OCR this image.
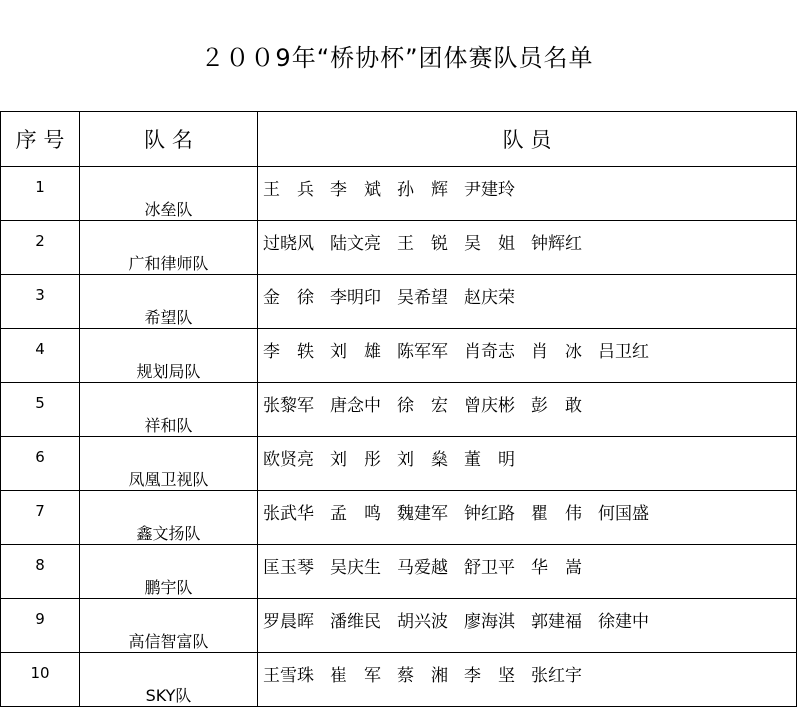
２００9年“桥协杯”团体赛队员名单
序 号	队 名	队 员
1	冰垒队	王　兵 李　斌 孙　辉 尹建玲
2	广和律师队	过晓风 陆文亮 王　锐 吴　姐 钟辉红
3	希望队	金　徐 李明印 吴希望 赵庆荣
4	规划局队	李　轶 刘　雄 陈军军 肖奇志 肖　冰 吕卫红
5	祥和队	张黎军 唐念中 徐　宏 曾庆彬 彭　敢
6	凤凰卫视队	欧贤亮 刘　彤 刘　燊 董　明
7	鑫文扬队	张武华 孟　鸣 魏建军 钟红路 瞿　伟 何国盛
8	鹏宇队	匡玉琴 吴庆生 马爱越 舒卫平 华　嵩
9	高信智富队	罗晨晖 潘维民 胡兴波 廖海淇 郭建福 徐建中
10	SKY队	王雪珠 崔　军 蔡　湘 李　坚 张红宇
